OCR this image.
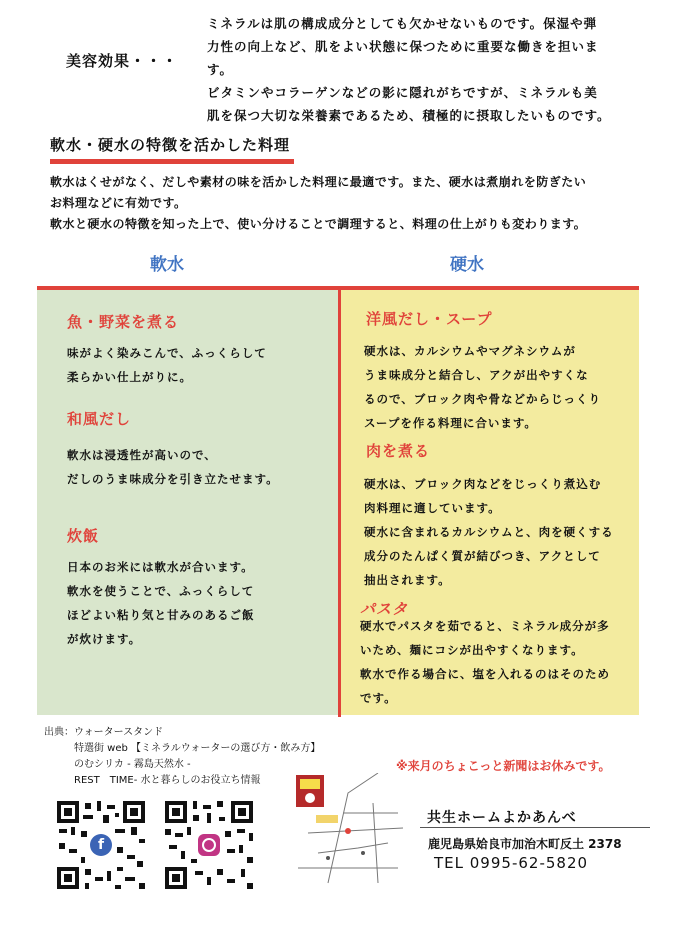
美容効果・・・
ミネラルは肌の構成成分としても欠かせないものです。保湿や弾
力性の向上など、肌をよい状態に保つために重要な働きを担いま
す。
ビタミンやコラーゲンなどの影に隠れがちですが、ミネラルも美
肌を保つ大切な栄養素であるため、積極的に摂取したいものです。
軟水・硬水の特徴を活かした料理
軟水はくせがなく、だしや素材の味を活かした料理に最適です。また、硬水は煮崩れを防ぎたい
お料理などに有効です。
軟水と硬水の特徴を知った上で、使い分けることで調理すると、料理の仕上がりも変わります。
軟水	硬水
魚・野菜を煮る
味がよく染みこんで、ふっくらして
柔らかい仕上がりに。
和風だし
軟水は浸透性が高いので、
だしのうま味成分を引き立たせます。
炊飯
日本のお米には軟水が合います。
軟水を使うことで、ふっくらして
ほどよい粘り気と甘みのあるご飯
が炊けます。
洋風だし・スープ
硬水は、カルシウムやマグネシウムが
うま味成分と結合し、アクが出やすくな
るので、ブロック肉や骨などからじっくり
スープを作る料理に合います。
肉を煮る
硬水は、ブロック肉などをじっくり煮込む
肉料理に適しています。
硬水に含まれるカルシウムと、肉を硬くする
成分のたんぱく質が結びつき、アクとして
抽出されます。
パスタ
硬水でパスタを茹でると、ミネラル成分が多
いため、麺にコシが出やすくなります。
軟水で作る場合に、塩を入れるのはそのため
です。
出典：ウォータースタンド
特選街 web 【ミネラルウォーターの選び方・飲み方】
のむシリカ - 霧島天然水 -
REST　TIME- 水と暮らしのお役立ち情報
※来月のちょこっと新聞はお休みです。
f
共生ホームよかあんべ
鹿児島県姶良市加治木町反土 2378
TEL 0995-62-5820
